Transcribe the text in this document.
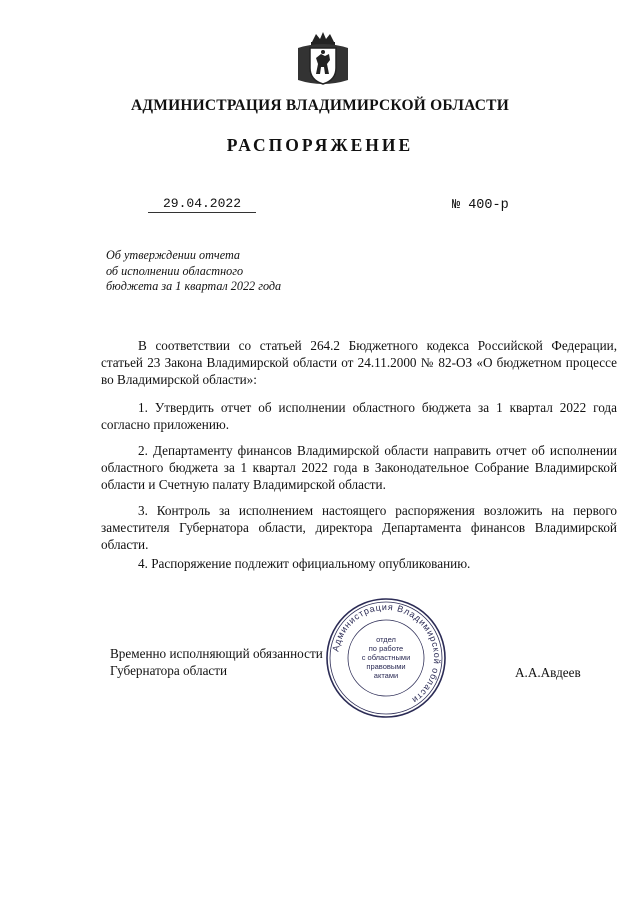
АДМИНИСТРАЦИЯ ВЛАДИМИРСКОЙ ОБЛАСТИ
РАСПОРЯЖЕНИЕ
29.04.2022	№ 400-р
Об утверждении отчета
об исполнении областного
бюджета за 1 квартал 2022 года

В соответствии со статьей 264.2 Бюджетного кодекса Российской Федерации, статьей 23 Закона Владимирской области от 24.11.2000 № 82-ОЗ «О бюджетном процессе во Владимирской области»:

1. Утвердить отчет об исполнении областного бюджета за 1 квартал 2022 года согласно приложению.

2. Департаменту финансов Владимирской области направить отчет об исполнении областного бюджета за 1 квартал 2022 года в Законодательное Собрание Владимирской области и Счетную палату Владимирской области.

3. Контроль за исполнением настоящего распоряжения возложить на первого заместителя Губернатора области, директора Департамента финансов Владимирской области.

4. Распоряжение подлежит официальному опубликованию.

Временно исполняющий обязанности
Губернатора области	А.А.Авдеев
Администрация Владимирской области
отдел
по работе
с областными
правовыми
актами
